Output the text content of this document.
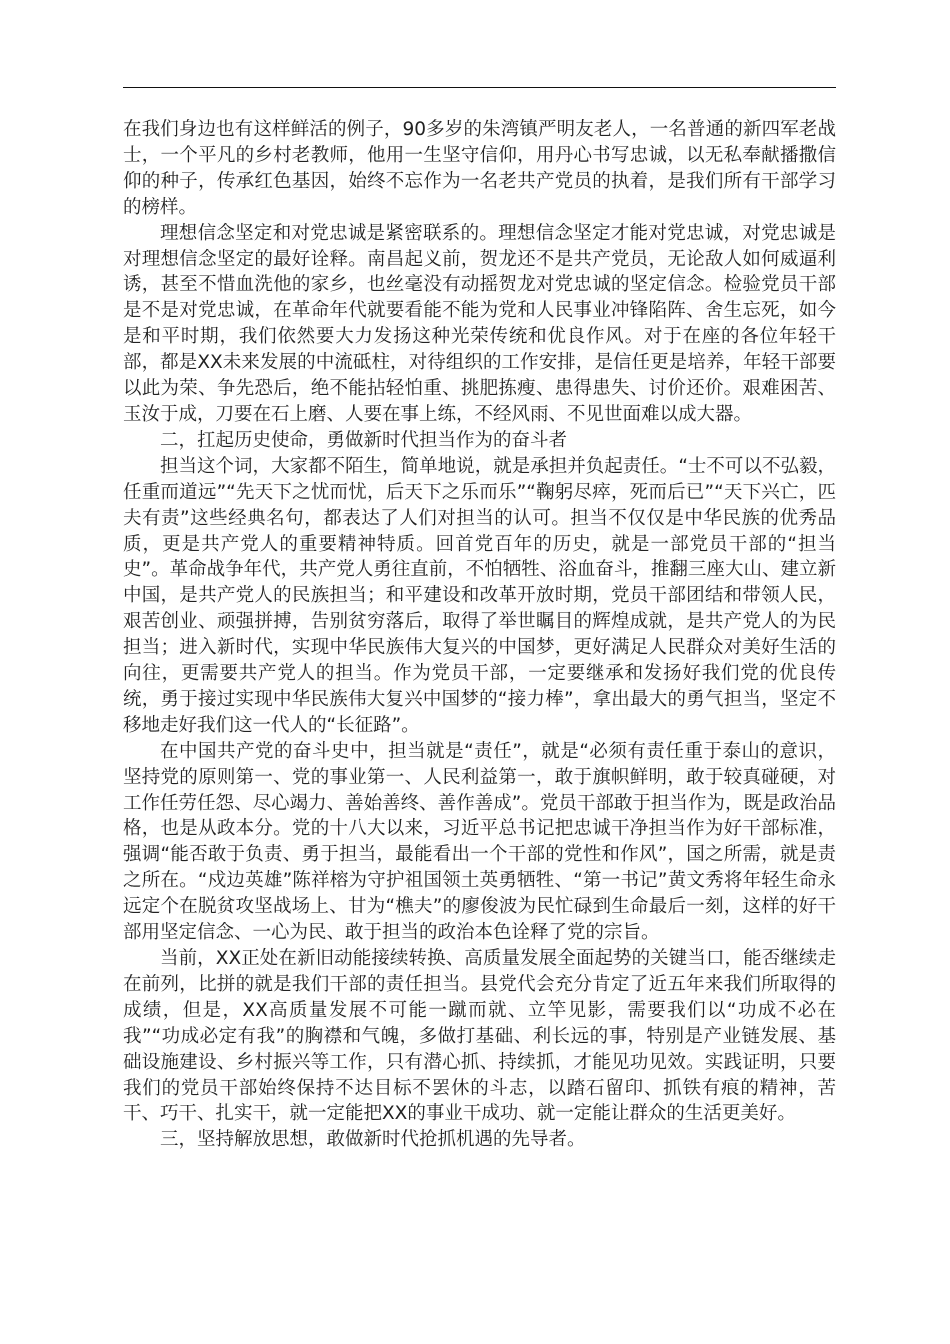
在我们身边也有这样鲜活的例子，90多岁的朱湾镇严明友老人，一名普通的新四军老战士，一个平凡的乡村老教师，他用一生坚守信仰，用丹心书写忠诚，以无私奉献播撒信仰的种子，传承红色基因，始终不忘作为一名老共产党员的执着，是我们所有干部学习的榜样。

理想信念坚定和对党忠诚是紧密联系的。理想信念坚定才能对党忠诚，对党忠诚是对理想信念坚定的最好诠释。南昌起义前，贺龙还不是共产党员，无论敌人如何威逼利诱，甚至不惜血洗他的家乡，也丝毫没有动摇贺龙对党忠诚的坚定信念。检验党员干部是不是对党忠诚，在革命年代就要看能不能为党和人民事业冲锋陷阵、舍生忘死，如今是和平时期，我们依然要大力发扬这种光荣传统和优良作风。对于在座的各位年轻干部，都是XX未来发展的中流砥柱，对待组织的工作安排，是信任更是培养，年轻干部要以此为荣、争先恐后，绝不能拈轻怕重、挑肥拣瘦、患得患失、讨价还价。艰难困苦、玉汝于成，刀要在石上磨、人要在事上练，不经风雨、不见世面难以成大器。

二，扛起历史使命，勇做新时代担当作为的奋斗者

担当这个词，大家都不陌生，简单地说，就是承担并负起责任。“士不可以不弘毅，任重而道远”“先天下之忧而忧，后天下之乐而乐”“鞠躬尽瘁，死而后已”“天下兴亡，匹夫有责”这些经典名句，都表达了人们对担当的认可。担当不仅仅是中华民族的优秀品质，更是共产党人的重要精神特质。回首党百年的历史，就是一部党员干部的“担当史”。革命战争年代，共产党人勇往直前，不怕牺牲、浴血奋斗，推翻三座大山、建立新中国，是共产党人的民族担当；和平建设和改革开放时期，党员干部团结和带领人民，艰苦创业、顽强拼搏，告别贫穷落后，取得了举世瞩目的辉煌成就，是共产党人的为民担当；进入新时代，实现中华民族伟大复兴的中国梦，更好满足人民群众对美好生活的向往，更需要共产党人的担当。作为党员干部，一定要继承和发扬好我们党的优良传统，勇于接过实现中华民族伟大复兴中国梦的“接力棒”，拿出最大的勇气担当，坚定不移地走好我们这一代人的“长征路”。

在中国共产党的奋斗史中，担当就是“责任”，就是“必须有责任重于泰山的意识，坚持党的原则第一、党的事业第一、人民利益第一，敢于旗帜鲜明，敢于较真碰硬，对工作任劳任怨、尽心竭力、善始善终、善作善成”。党员干部敢于担当作为，既是政治品格，也是从政本分。党的十八大以来，习近平总书记把忠诚干净担当作为好干部标准，强调“能否敢于负责、勇于担当，最能看出一个干部的党性和作风”，国之所需，就是责之所在。“戍边英雄”陈祥榕为守护祖国领土英勇牺牲、“第一书记”黄文秀将年轻生命永远定个在脱贫攻坚战场上、甘为“樵夫”的廖俊波为民忙碌到生命最后一刻，这样的好干部用坚定信念、一心为民、敢于担当的政治本色诠释了党的宗旨。

当前，XX正处在新旧动能接续转换、高质量发展全面起势的关键当口，能否继续走在前列，比拼的就是我们干部的责任担当。县党代会充分肯定了近五年来我们所取得的成绩，但是，XX高质量发展不可能一蹴而就、立竿见影，需要我们以“功成不必在我”“功成必定有我”的胸襟和气魄，多做打基础、利长远的事，特别是产业链发展、基础设施建设、乡村振兴等工作，只有潜心抓、持续抓，才能见功见效。实践证明，只要我们的党员干部始终保持不达目标不罢休的斗志，以踏石留印、抓铁有痕的精神，苦干、巧干、扎实干，就一定能把XX的事业干成功、就一定能让群众的生活更美好。

三，坚持解放思想，敢做新时代抢抓机遇的先导者。
